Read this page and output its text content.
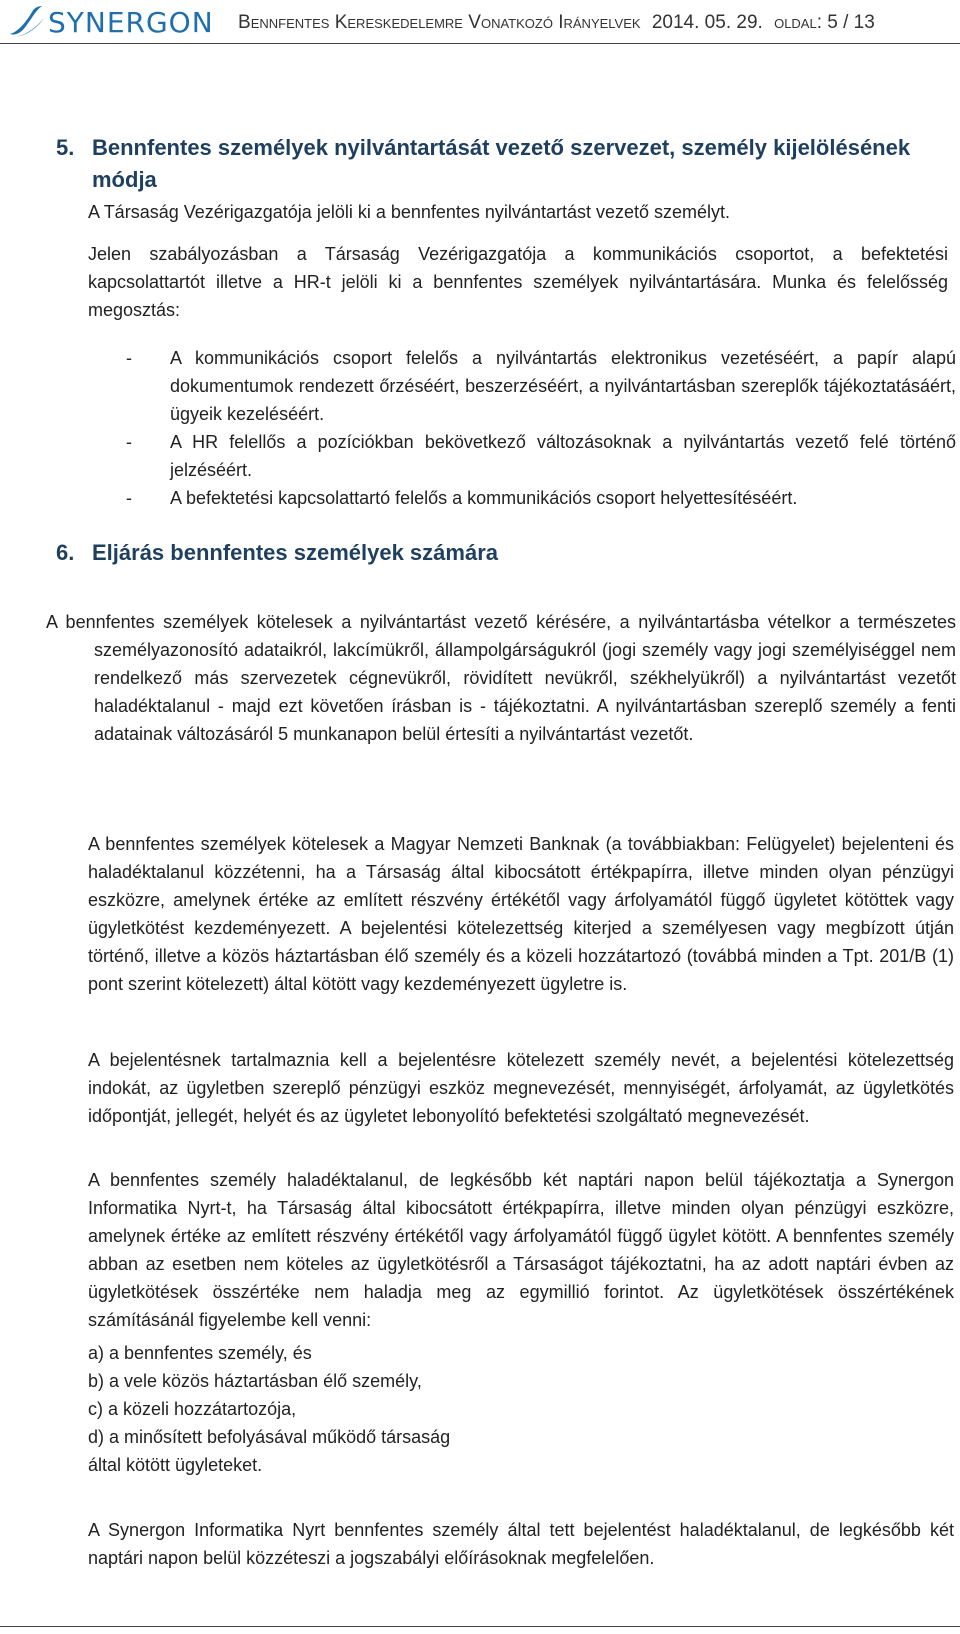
SYNERGON Bennfentes Kereskedelemre Vonatkozó Irányelvek 2014. 05. 29. oldal: 5 / 13
5. Bennfentes személyek nyilvántartását vezető szervezet, személy kijelölésének
módja
A Társaság Vezérigazgatója jelöli ki a bennfentes nyilvántartást vezető személyt.
Jelen szabályozásban a Társaság Vezérigazgatója a kommunikációs csoportot, a befektetési kapcsolattartót illetve a HR-t jelöli ki a bennfentes személyek nyilvántartására. Munka és felelősség megosztás:
- A kommunikációs csoport felelős a nyilvántartás elektronikus vezetéséért, a papír alapú dokumentumok rendezett őrzéséért, beszerzéséért, a nyilvántartásban szereplők tájékoztatásáért, ügyeik kezeléséért.
- A HR felellős a pozíciókban bekövetkező változásoknak a nyilvántartás vezető felé történő jelzéséért.
- A befektetési kapcsolattartó felelős a kommunikációs csoport helyettesítéséért.
6. Eljárás bennfentes személyek számára
A bennfentes személyek kötelesek a nyilvántartást vezető kérésére, a nyilvántartásba vételkor a természetes személyazonosító adataikról, lakcímükről, állampolgárságukról (jogi személy vagy jogi személyiséggel nem rendelkező más szervezetek cégnevükről, rövidített nevükről, székhelyükről) a nyilvántartást vezetőt haladéktalanul - majd ezt követően írásban is - tájékoztatni. A nyilvántartásban szereplő személy a fenti adatainak változásáról 5 munkanapon belül értesíti a nyilvántartást vezetőt.
A bennfentes személyek kötelesek a Magyar Nemzeti Banknak (a továbbiakban: Felügyelet) bejelenteni és haladéktalanul közzétenni, ha a Társaság által kibocsátott értékpapírra, illetve minden olyan pénzügyi eszközre, amelynek értéke az említett részvény értékétől vagy árfolyamától függő ügyletet kötöttek vagy ügyletkötést kezdeményezett. A bejelentési kötelezettség kiterjed a személyesen vagy megbízott útján történő, illetve a közös háztartásban élő személy és a közeli hozzátartozó (továbbá minden a Tpt. 201/B (1) pont szerint kötelezett) által kötött vagy kezdeményezett ügyletre is.
A bejelentésnek tartalmaznia kell a bejelentésre kötelezett személy nevét, a bejelentési kötelezettség indokát, az ügyletben szereplő pénzügyi eszköz megnevezését, mennyiségét, árfolyamát, az ügyletkötés időpontját, jellegét, helyét és az ügyletet lebonyolító befektetési szolgáltató megnevezését.
A bennfentes személy haladéktalanul, de legkésőbb két naptári napon belül tájékoztatja a Synergon Informatika Nyrt-t, ha Társaság által kibocsátott értékpapírra, illetve minden olyan pénzügyi eszközre, amelynek értéke az említett részvény értékétől vagy árfolyamától függő ügylet kötött. A bennfentes személy abban az esetben nem köteles az ügyletkötésről a Társaságot tájékoztatni, ha az adott naptári évben az ügyletkötések összértéke nem haladja meg az egymillió forintot. Az ügyletkötések összértékének számításánál figyelembe kell venni:
a) a bennfentes személy, és
b) a vele közös háztartásban élő személy,
c) a közeli hozzátartozója,
d) a minősített befolyásával működő társaság
által kötött ügyleteket.
A Synergon Informatika Nyrt bennfentes személy által tett bejelentést haladéktalanul, de legkésőbb két naptári napon belül közzéteszi a jogszabályi előírásoknak megfelelően.
